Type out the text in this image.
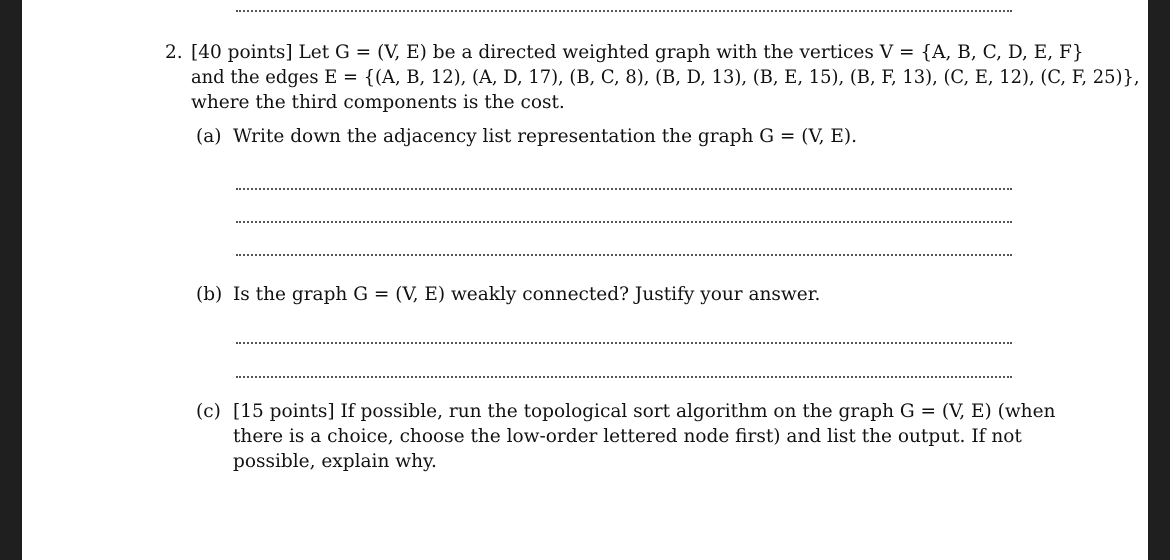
2. [40 points] Let G = (V, E) be a directed weighted graph with the vertices V = {A, B, C, D, E, F}
and the edges E = {(A, B, 12), (A, D, 17), (B, C, 8), (B, D, 13), (B, E, 15), (B, F, 13), (C, E, 12), (C, F, 25)},
where the third components is the cost.
(a) Write down the adjacency list representation the graph G = (V, E).
(b) Is the graph G = (V, E) weakly connected? Justify your answer.
(c) [15 points] If possible, run the topological sort algorithm on the graph G = (V, E) (when
there is a choice, choose the low-order lettered node first) and list the output. If not
possible, explain why.
